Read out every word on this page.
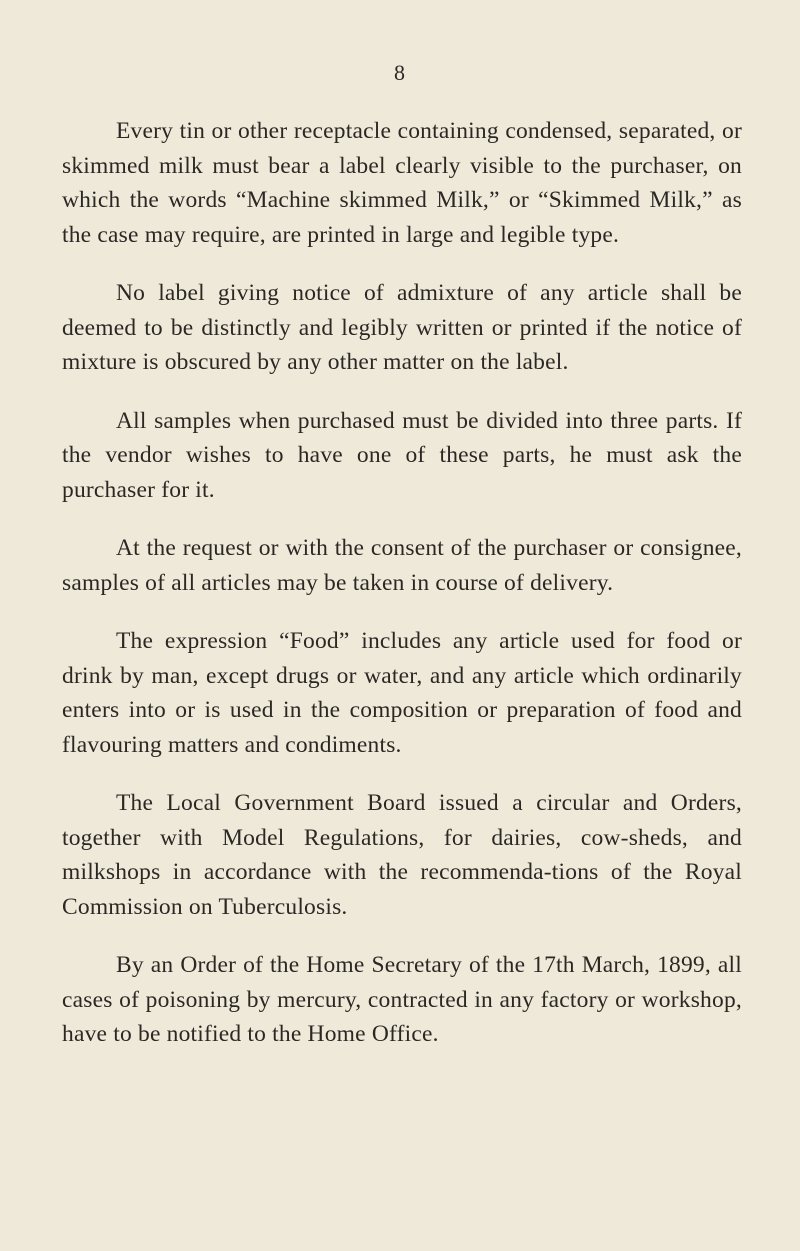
8

Every tin or other receptacle containing condensed, separated, or skimmed milk must bear a label clearly visible to the purchaser, on which the words “Machine skimmed Milk,” or “Skimmed Milk,” as the case may require, are printed in large and legible type.

No label giving notice of admixture of any article shall be deemed to be distinctly and legibly written or printed if the notice of mixture is obscured by any other matter on the label.

All samples when purchased must be divided into three parts. If the vendor wishes to have one of these parts, he must ask the purchaser for it.

At the request or with the consent of the purchaser or consignee, samples of all articles may be taken in course of delivery.

The expression “Food” includes any article used for food or drink by man, except drugs or water, and any article which ordinarily enters into or is used in the composition or preparation of food and flavouring matters and condiments.

The Local Government Board issued a circular and Orders, together with Model Regulations, for dairies, cow-sheds, and milkshops in accordance with the recommenda-tions of the Royal Commission on Tuberculosis.

By an Order of the Home Secretary of the 17th March, 1899, all cases of poisoning by mercury, contracted in any factory or workshop, have to be notified to the Home Office.
